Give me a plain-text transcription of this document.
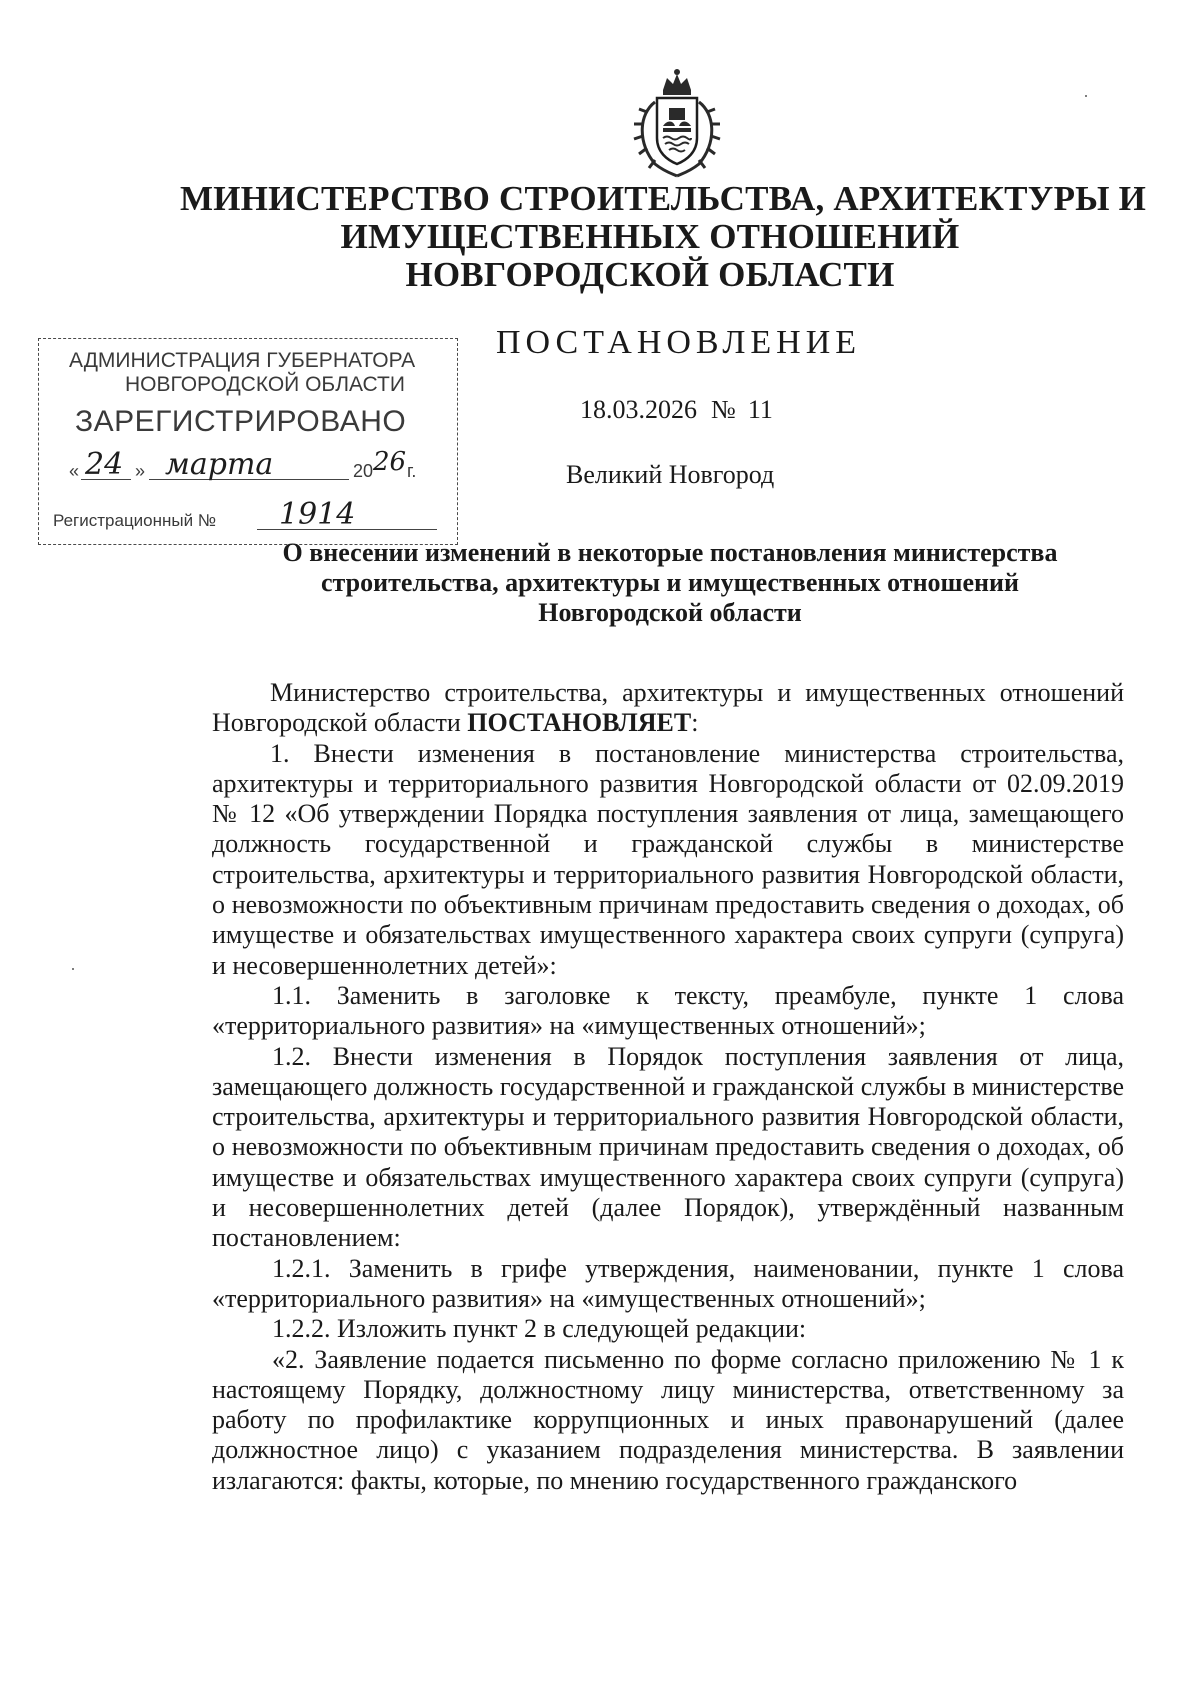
МИНИСТЕРСТВО СТРОИТЕЛЬСТВА, АРХИТЕКТУРЫ И
ИМУЩЕСТВЕННЫХ ОТНОШЕНИЙ
НОВГОРОДСКОЙ ОБЛАСТИ
ПОСТАНОВЛЕНИЕ
18.03.2026 № 11
Великий Новгород
АДМИНИСТРАЦИЯ ГУБЕРНАТОРА
НОВГОРОДСКОЙ ОБЛАСТИ
ЗАРЕГИСТРИРОВАНО
« 24 » марта	20 26 г.
Регистрационный № 1914
О внесении изменений в некоторые постановления министерства
строительства, архитектуры и имущественных отношений
Новгородской области

Министерство строительства, архитектуры и имущественных отношений Новгородской области ПОСТАНОВЛЯЕТ:

1. Внести изменения в постановление министерства строительства, архитектуры и территориального развития Новгородской области от 02.09.2019 № 12 «Об утверждении Порядка поступления заявления от лица, замещающего должность государственной и гражданской службы в министерстве строительства, архитектуры и территориального развития Новгородской области, о невозможности по объективным причинам предоставить сведения о доходах, об имуществе и обязательствах имущественного характера своих супруги (супруга) и несовершеннолетних детей»:

1.1. Заменить в заголовке к тексту, преамбуле, пункте 1 слова «территориального развития» на «имущественных отношений»;

1.2. Внести изменения в Порядок поступления заявления от лица, замещающего должность государственной и гражданской службы в министерстве строительства, архитектуры и территориального развития Новгородской области, о невозможности по объективным причинам предоставить сведения о доходах, об имуществе и обязательствах имущественного характера своих супруги (супруга) и несовершеннолетних детей (далее Порядок), утверждённый названным постановлением:

1.2.1. Заменить в грифе утверждения, наименовании, пункте 1 слова «территориального развития» на «имущественных отношений»;

1.2.2. Изложить пункт 2 в следующей редакции:

«2. Заявление подается письменно по форме согласно приложению № 1 к настоящему Порядку, должностному лицу министерства, ответственному за работу по профилактике коррупционных и иных правонарушений (далее должностное лицо) с указанием подразделения министерства. В заявлении излагаются: факты, которые, по мнению государственного гражданского
